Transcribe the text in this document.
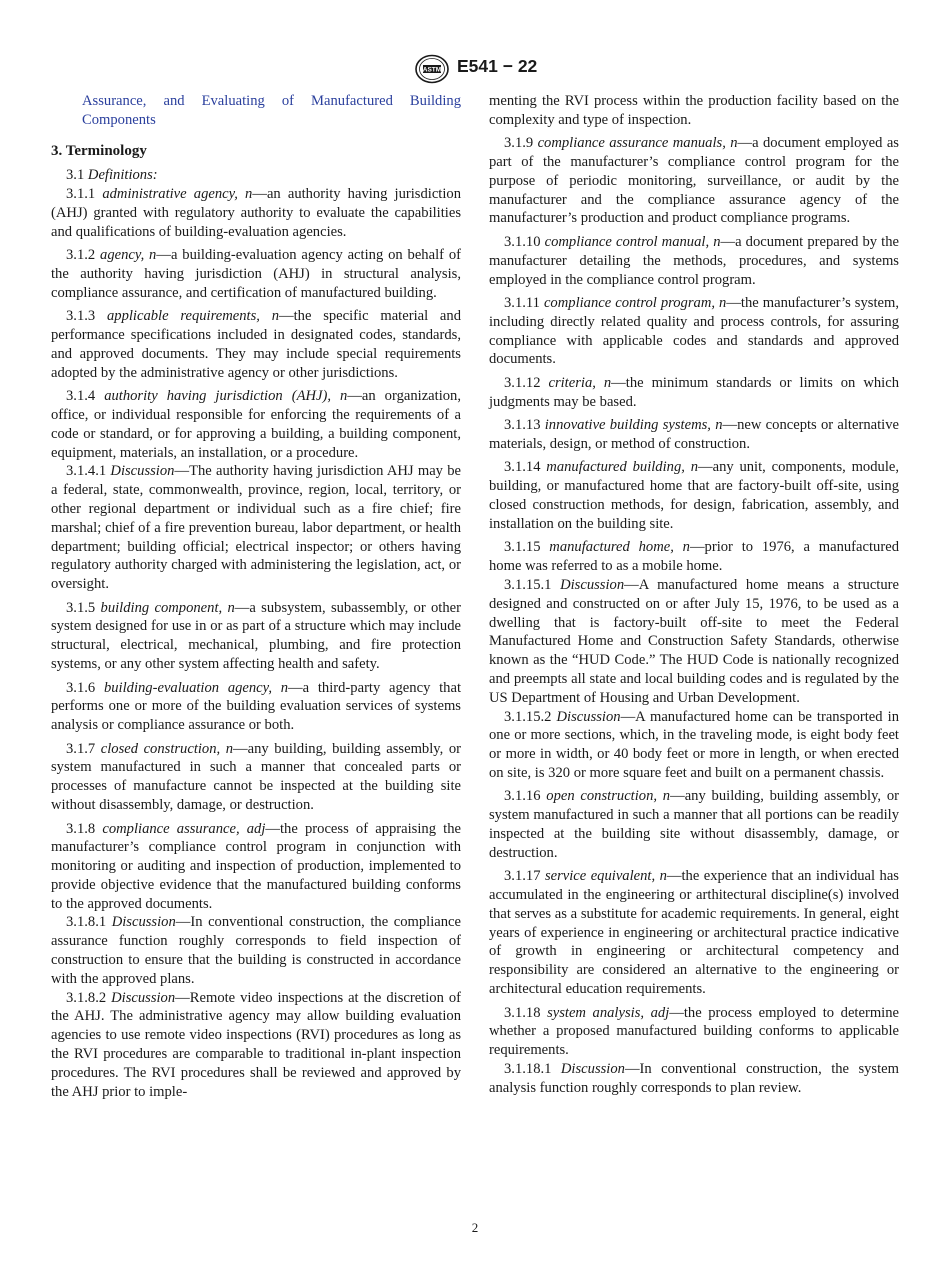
ASTM E541 − 22

Assurance, and Evaluating of Manufactured Building Components

3. Terminology

3.1 Definitions:

3.1.1 administrative agency, n—an authority having jurisdiction (AHJ) granted with regulatory authority to evaluate the capabilities and qualifications of building-evaluation agencies.

3.1.2 agency, n—a building-evaluation agency acting on behalf of the authority having jurisdiction (AHJ) in structural analysis, compliance assurance, and certification of manufactured building.

3.1.3 applicable requirements, n—the specific material and performance specifications included in designated codes, standards, and approved documents. They may include special requirements adopted by the administrative agency or other jurisdictions.

3.1.4 authority having jurisdiction (AHJ), n—an organization, office, or individual responsible for enforcing the requirements of a code or standard, or for approving a building, a building component, equipment, materials, an installation, or a procedure.

3.1.4.1 Discussion—The authority having jurisdiction AHJ may be a federal, state, commonwealth, province, region, local, territory, or other regional department or individual such as a fire chief; fire marshal; chief of a fire prevention bureau, labor department, or health department; building official; electrical inspector; or others having regulatory authority charged with administering the legislation, act, or oversight.

3.1.5 building component, n—a subsystem, subassembly, or other system designed for use in or as part of a structure which may include structural, electrical, mechanical, plumbing, and fire protection systems, or any other system affecting health and safety.

3.1.6 building-evaluation agency, n—a third-party agency that performs one or more of the building evaluation services of systems analysis or compliance assurance or both.

3.1.7 closed construction, n—any building, building assembly, or system manufactured in such a manner that concealed parts or processes of manufacture cannot be inspected at the building site without disassembly, damage, or destruction.

3.1.8 compliance assurance, adj—the process of appraising the manufacturer’s compliance control program in conjunction with monitoring or auditing and inspection of production, implemented to provide objective evidence that the manufactured building conforms to the approved documents.

3.1.8.1 Discussion—In conventional construction, the compliance assurance function roughly corresponds to field inspection of construction to ensure that the building is constructed in accordance with the approved plans.

3.1.8.2 Discussion—Remote video inspections at the discretion of the AHJ. The administrative agency may allow building evaluation agencies to use remote video inspections (RVI) procedures as long as the RVI procedures are comparable to traditional in-plant inspection procedures. The RVI procedures shall be reviewed and approved by the AHJ prior to imple-

menting the RVI process within the production facility based on the complexity and type of inspection.

3.1.9 compliance assurance manuals, n—a document employed as part of the manufacturer’s compliance control program for the purpose of periodic monitoring, surveillance, or audit by the manufacturer and the compliance assurance agency of the manufacturer’s production and product compliance programs.

3.1.10 compliance control manual, n—a document prepared by the manufacturer detailing the methods, procedures, and systems employed in the compliance control program.

3.1.11 compliance control program, n—the manufacturer’s system, including directly related quality and process controls, for assuring compliance with applicable codes and standards and approved documents.

3.1.12 criteria, n—the minimum standards or limits on which judgments may be based.

3.1.13 innovative building systems, n—new concepts or alternative materials, design, or method of construction.

3.1.14 manufactured building, n—any unit, components, module, building, or manufactured home that are factory-built off-site, using closed construction methods, for design, fabrication, assembly, and installation on the building site.

3.1.15 manufactured home, n—prior to 1976, a manufactured home was referred to as a mobile home.

3.1.15.1 Discussion—A manufactured home means a structure designed and constructed on or after July 15, 1976, to be used as a dwelling that is factory-built off-site to meet the Federal Manufactured Home and Construction Safety Standards, otherwise known as the “HUD Code.” The HUD Code is nationally recognized and preempts all state and local building codes and is regulated by the US Department of Housing and Urban Development.

3.1.15.2 Discussion—A manufactured home can be transported in one or more sections, which, in the traveling mode, is eight body feet or more in width, or 40 body feet or more in length, or when erected on site, is 320 or more square feet and built on a permanent chassis.

3.1.16 open construction, n—any building, building assembly, or system manufactured in such a manner that all portions can be readily inspected at the building site without disassembly, damage, or destruction.

3.1.17 service equivalent, n—the experience that an individual has accumulated in the engineering or arthitectural discipline(s) involved that serves as a substitute for academic requirements. In general, eight years of experience in engineering or architectural practice indicative of growth in engineering or architectural competency and responsibility are considered an alternative to the engineering or architectural education requirements.

3.1.18 system analysis, adj—the process employed to determine whether a proposed manufactured building conforms to applicable requirements.

3.1.18.1 Discussion—In conventional construction, the system analysis function roughly corresponds to plan review.

2
